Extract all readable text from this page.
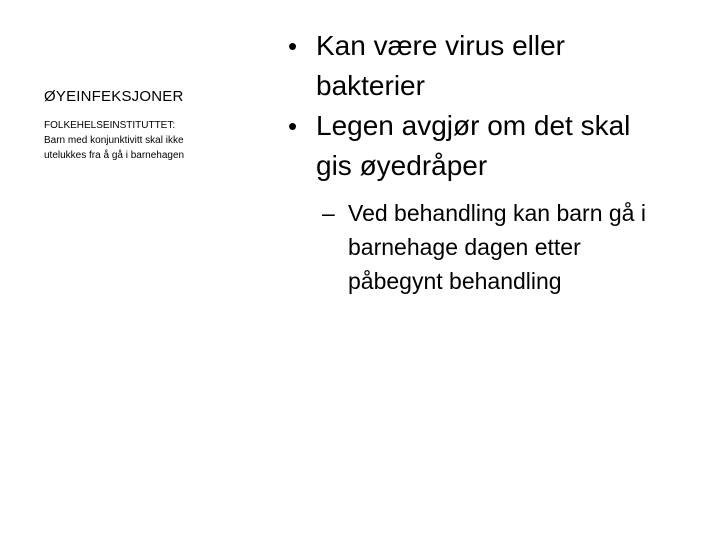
ØYEINFEKSJONER
FOLKEHELSEINSTITUTTET:
Barn med konjunktivitt skal ikke
utelukkes fra å gå i barnehagen
• Kan være virus eller
bakterier
• Legen avgjør om det skal
gis øyedråper
– Ved behandling kan barn gå i
barnehage dagen etter
påbegynt behandling
